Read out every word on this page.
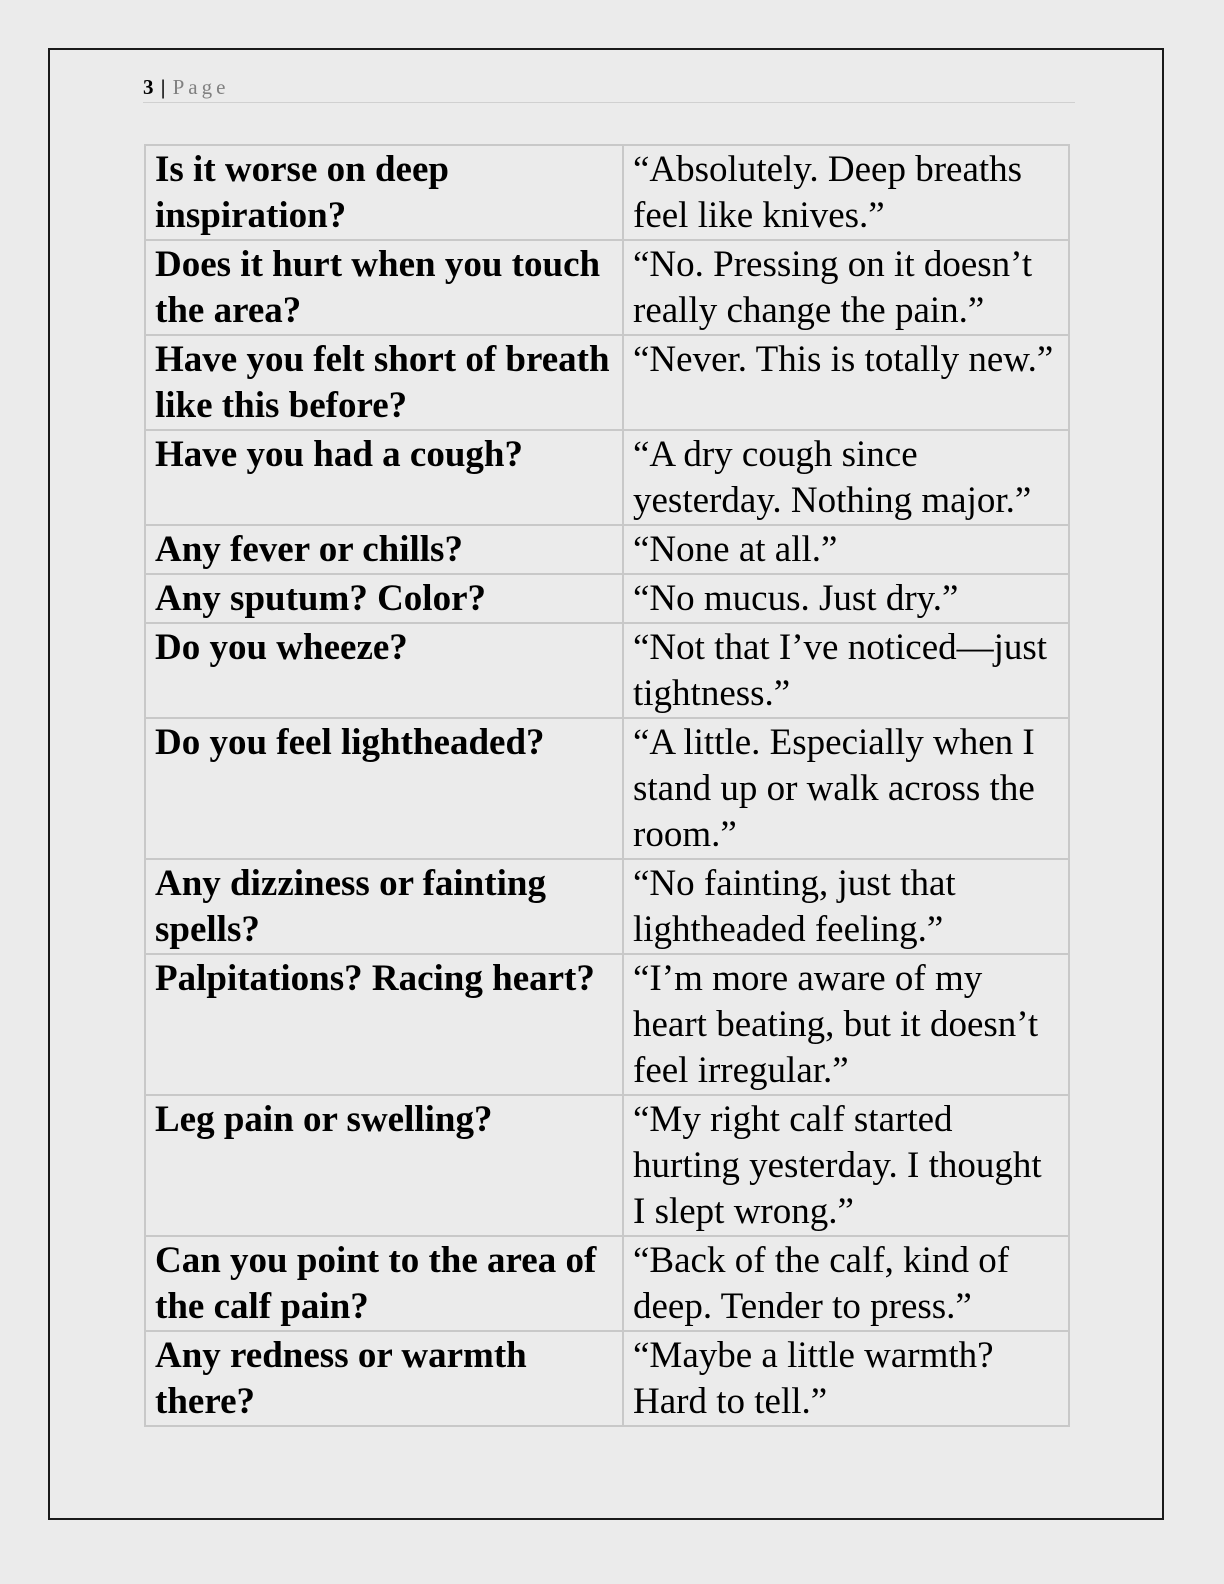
3 | Page
Is it worse on deep inspiration?	“Absolutely. Deep breaths feel like knives.”
Does it hurt when you touch the area?	“No. Pressing on it doesn’t really change the pain.”
Have you felt short of breath like this before?	“Never. This is totally new.”
Have you had a cough?	“A dry cough since yesterday. Nothing major.”
Any fever or chills?	“None at all.”
Any sputum? Color?	“No mucus. Just dry.”
Do you wheeze?	“Not that I’ve noticed—just tightness.”
Do you feel lightheaded?	“A little. Especially when I stand up or walk across the room.”
Any dizziness or fainting spells?	“No fainting, just that lightheaded feeling.”
Palpitations? Racing heart?	“I’m more aware of my heart beating, but it doesn’t feel irregular.”
Leg pain or swelling?	“My right calf started hurting yesterday. I thought I slept wrong.”
Can you point to the area of the calf pain?	“Back of the calf, kind of deep. Tender to press.”
Any redness or warmth there?	“Maybe a little warmth? Hard to tell.”
